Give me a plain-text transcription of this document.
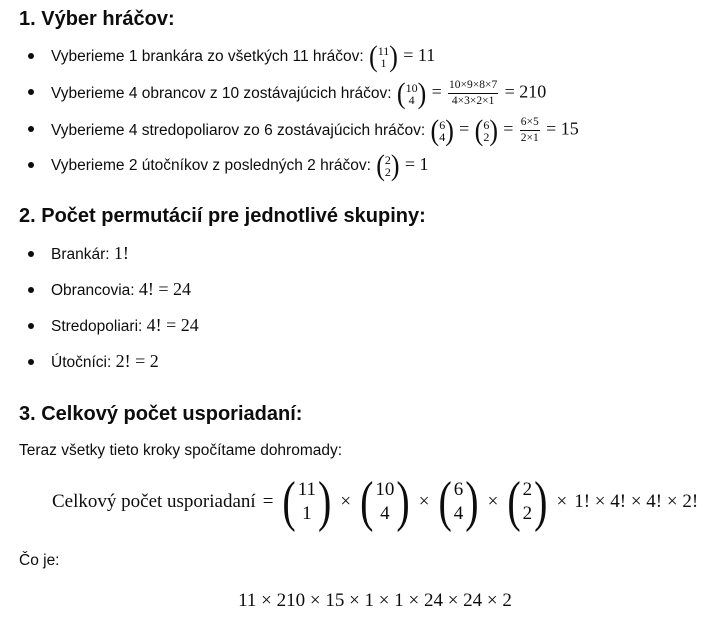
1. Výber hráčov:
Vyberieme 1 brankára zo všetkých 11 hráčov: ( 11
1 ) = 11
Vyberieme 4 obrancov z 10 zostávajúcich hráčov: ( 10
4 ) = $\frac{10\times 9\times 8\times 7}{4\times 3\times 2\times 1} = 210$
Vyberieme 4 stredopoliarov zo 6 zostávajúcich hráčov: ( 6
4 ) = ( 6
2 ) = $\frac{6\times 5}{2\times 1} = 15$
Vyberieme 2 útočníkov z posledných 2 hráčov: ( 2
2 ) = 1
2. Počet permutácií pre jednotlivé skupiny:
Brankár: 1!
Obrancovia: 4! = 24
Stredopoliari: 4! = 24
Útočníci: 2! = 2
3. Celkový počet usporiadaní:
Teraz všetky tieto kroky spočítame dohromady:
Celkový počet usporiadaní = ( 11
1 ) × ( 10
4 ) × ( 6
4 ) × ( 2
2 ) × 1! × 4! × 4! × 2!
Čo je:
11 × 210 × 15 × 1 × 1 × 24 × 24 × 2
